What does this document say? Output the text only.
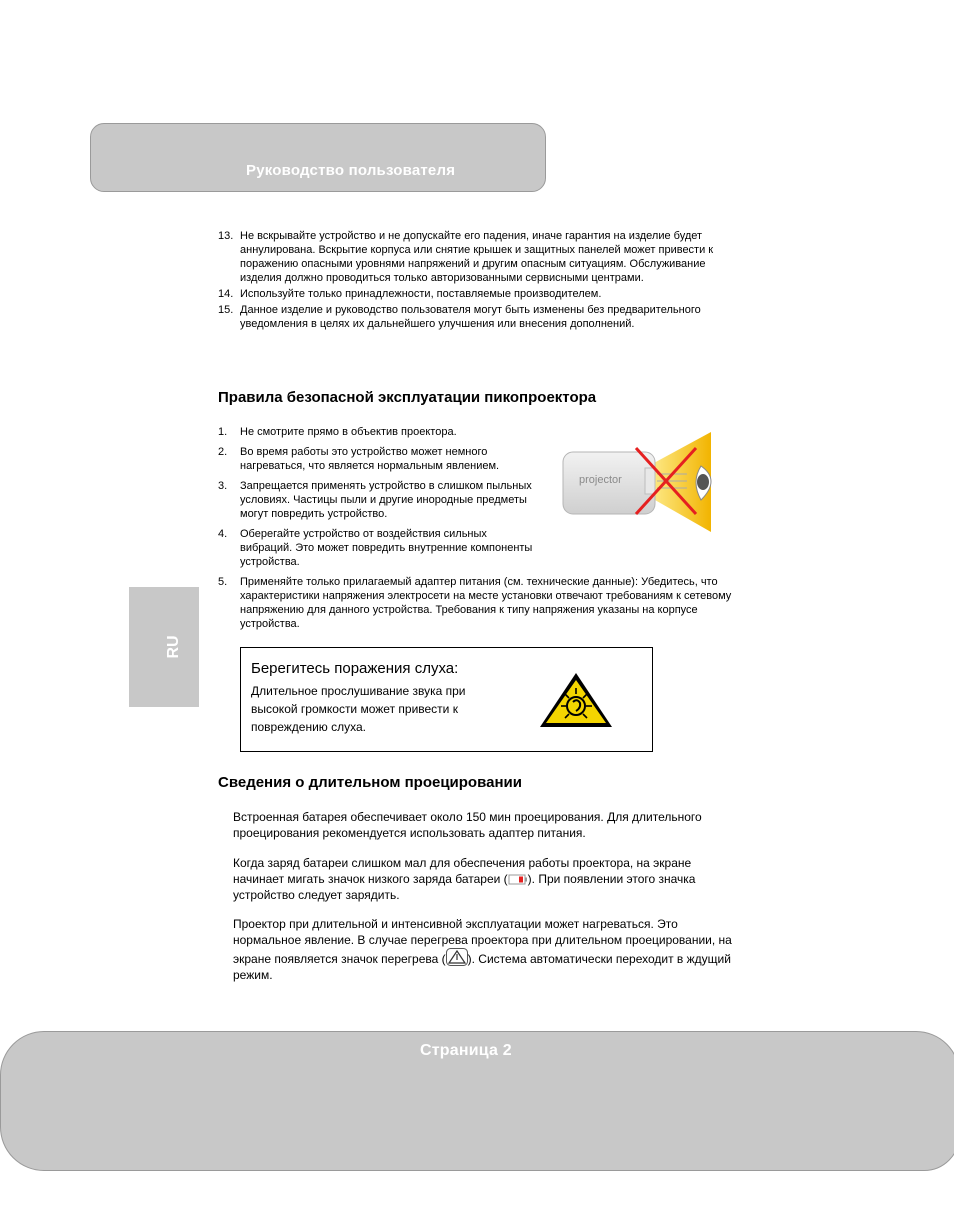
Руководство пользователя
RU
13. Не вскрывайте устройство и не допускайте его падения, иначе гарантия на изделие будет аннулирована. Вскрытие корпуса или снятие крышек и защитных панелей может привести к поражению опасными уровнями напряжений и другим опасным ситуациям. Обслуживание изделия должно проводиться только авторизованными сервисными центрами.
14. Используйте только принадлежности, поставляемые производителем.
15. Данное изделие и руководство пользователя могут быть изменены без предварительного уведомления в целях их дальнейшего улучшения или внесения дополнений.
Правила безопасной эксплуатации пикопроектора
1. Не смотрите прямо в объектив проектора.
2. Во время работы это устройство может немного нагреваться, что является нормальным явлением.
3. Запрещается применять устройство в слишком пыльных условиях. Частицы пыли и другие инородные предметы могут повредить устройство.
4. Оберегайте устройство от воздействия сильных вибраций. Это может повредить внутренние компоненты устройства.
5. Применяйте только прилагаемый адаптер питания (см. технические данные): Убедитесь, что характеристики напряжения электросети на месте установки отвечают требованиям к сетевому напряжению для данного устройства. Требования к типу напряжения указаны на корпусе устройства.
projector
Берегитесь поражения слуха:
Длительное прослушивание звука при высокой громкости может привести к повреждению слуха.
Сведения о длительном проецировании
Встроенная батарея обеспечивает около 150 мин проецирования. Для длительного проецирования рекомендуется использовать адаптер питания.
Когда заряд батареи слишком мал для обеспечения работы проектора, на экране начинает мигать значок низкого заряда батареи ( ). При появлении этого значка устройство следует зарядить.
Проектор при длительной и интенсивной эксплуатации может нагреваться. Это нормальное явление. В случае перегрева проектора при длительном проецировании, на экране появляется значок перегрева ( ). Система автоматически переходит в ждущий режим.
Страница 2
